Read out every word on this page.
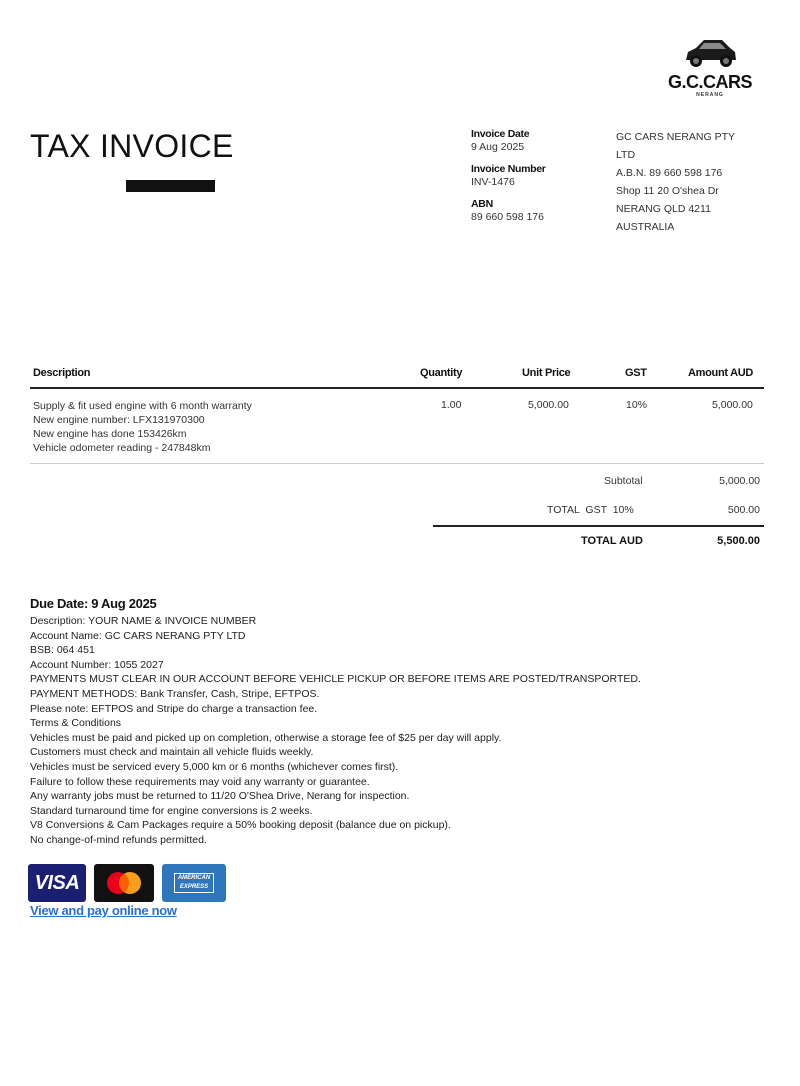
G.C.CARS
NERANG
TAX INVOICE	Invoice Date
9 Aug 2025
Invoice Number
INV-1476
ABN
89 660 598 176
GC CARS NERANG PTY
LTD
A.B.N. 89 660 598 176
Shop 11 20 O'shea Dr
NERANG QLD 4211
AUSTRALIA
Description	Quantity	Unit Price	GST	Amount AUD
Supply & fit used engine with 6 month warranty
New engine number: LFX131970300
New engine has done 153426km
Vehicle odometer reading - 247848km
1.00	5,000.00	10%	5,000.00
Subtotal	5,000.00
TOTAL GST 10%	500.00
TOTAL AUD	5,500.00
Due Date: 9 Aug 2025
Description: YOUR NAME & INVOICE NUMBER
Account Name: GC CARS NERANG PTY LTD
BSB: 064 451
Account Number: 1055 2027
PAYMENTS MUST CLEAR IN OUR ACCOUNT BEFORE VEHICLE PICKUP OR BEFORE ITEMS ARE POSTED/TRANSPORTED.
PAYMENT METHODS: Bank Transfer, Cash, Stripe, EFTPOS.
Please note: EFTPOS and Stripe do charge a transaction fee.
Terms & Conditions
Vehicles must be paid and picked up on completion, otherwise a storage fee of $25 per day will apply.
Customers must check and maintain all vehicle fluids weekly.
Vehicles must be serviced every 5,000 km or 6 months (whichever comes first).
Failure to follow these requirements may void any warranty or guarantee.
Any warranty jobs must be returned to 11/20 O'Shea Drive, Nerang for inspection.
Standard turnaround time for engine conversions is 2 weeks.
V8 Conversions & Cam Packages require a 50% booking deposit (balance due on pickup).
No change-of-mind refunds permitted.
VISA	AMERICAN EXPRESS
View and pay online now
